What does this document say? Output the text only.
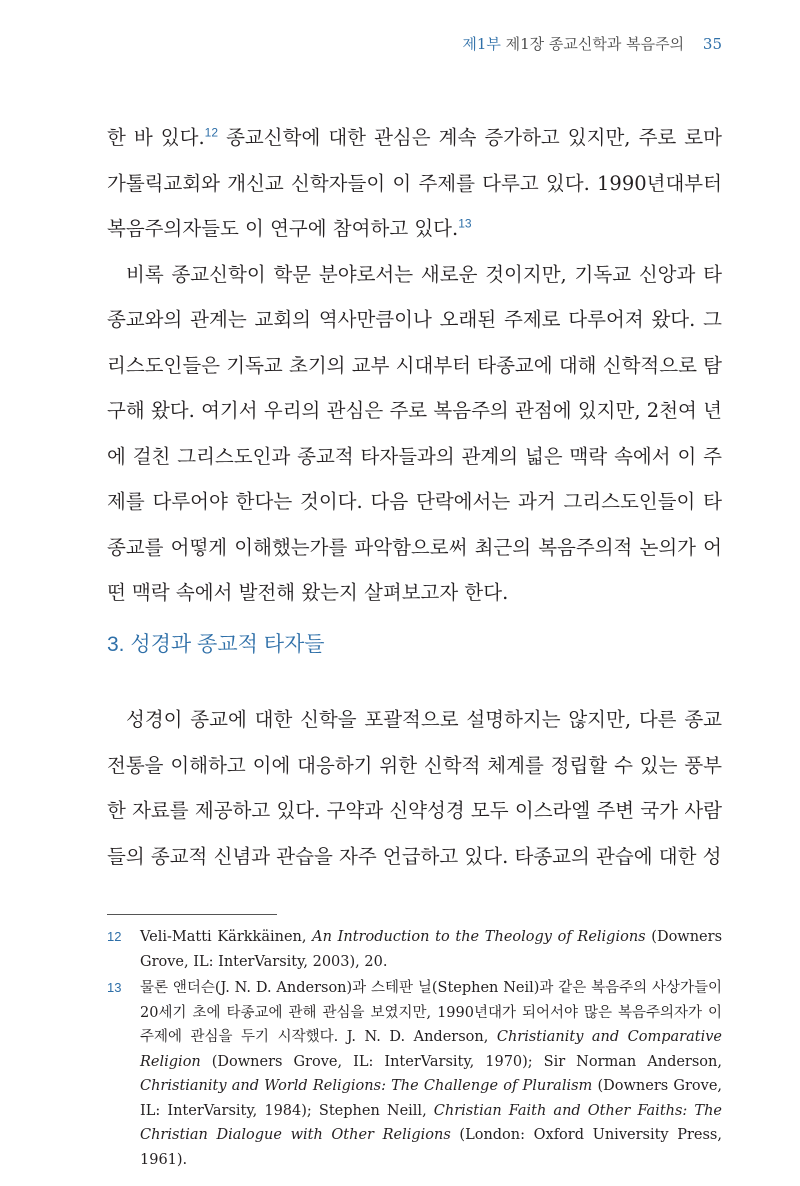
제1부 제1장 종교신학과 복음주의 35

한 바 있다.$^{12}$ 종교신학에 대한 관심은 계속 증가하고 있지만, 주로 로마가톨릭교회와 개신교 신학자들이 이 주제를 다루고 있다. 1990년대부터 복음주의자들도 이 연구에 참여하고 있다.$^{13}$

비록 종교신학이 학문 분야로서는 새로운 것이지만, 기독교 신앙과 타종교와의 관계는 교회의 역사만큼이나 오래된 주제로 다루어져 왔다. 그리스도인들은 기독교 초기의 교부 시대부터 타종교에 대해 신학적으로 탐구해 왔다. 여기서 우리의 관심은 주로 복음주의 관점에 있지만, 2천여 년에 걸친 그리스도인과 종교적 타자들과의 관계의 넓은 맥락 속에서 이 주제를 다루어야 한다는 것이다. 다음 단락에서는 과거 그리스도인들이 타종교를 어떻게 이해했는가를 파악함으로써 최근의 복음주의적 논의가 어떤 맥락 속에서 발전해 왔는지 살펴보고자 한다.

3. 성경과 종교적 타자들

성경이 종교에 대한 신학을 포괄적으로 설명하지는 않지만, 다른 종교전통을 이해하고 이에 대응하기 위한 신학적 체계를 정립할 수 있는 풍부한 자료를 제공하고 있다. 구약과 신약성경 모두 이스라엘 주변 국가 사람들의 종교적 신념과 관습을 자주 언급하고 있다. 타종교의 관습에 대한 성

12 Veli-Matti Kärkkäinen, An Introduction to the Theology of Religions (Downers Grove, IL: InterVarsity, 2003), 20.
13 물론 앤더슨(J. N. D. Anderson)과 스테판 닐(Stephen Neil)과 같은 복음주의 사상가들이 20세기 초에 타종교에 관해 관심을 보였지만, 1990년대가 되어서야 많은 복음주의자가 이 주제에 관심을 두기 시작했다. J. N. D. Anderson, Christianity and Comparative Religion (Downers Grove, IL: InterVarsity, 1970); Sir Norman Anderson, Christianity and World Religions: The Challenge of Pluralism (Downers Grove, IL: InterVarsity, 1984); Stephen Neill, Christian Faith and Other Faiths: The Christian Dialogue with Other Religions (London: Oxford University Press, 1961).
